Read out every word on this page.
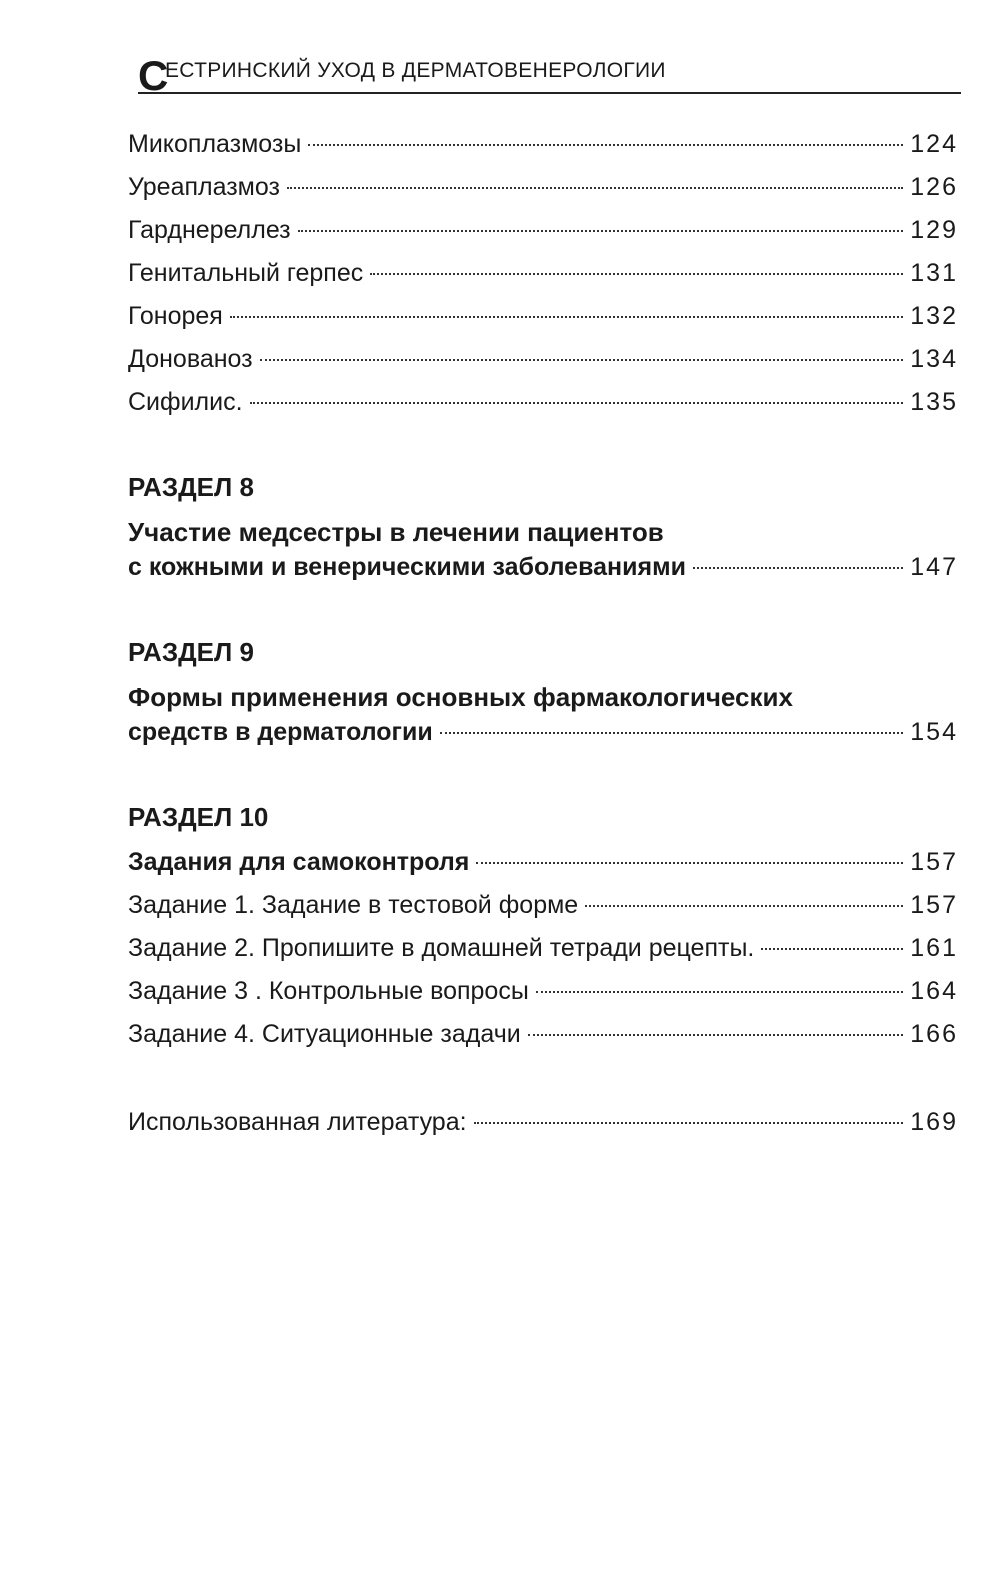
С
ЕСТРИНСКИЙ УХОД В ДЕРМАТОВЕНЕРОЛОГИИ
Микоплазмозы	124
Уреаплазмоз	126
Гарднереллез	129
Генитальный герпес	131
Гонорея	132
Донованоз	134
Сифилис.	135
РАЗДЕЛ 8
Участие медсестры в лечении пациентов
с кожными и венерическими заболеваниями	147
РАЗДЕЛ 9
Формы применения основных фармакологических
средств в дерматологии	154
РАЗДЕЛ 10
Задания для самоконтроля	157
Задание 1. Задание в тестовой форме	157
Задание 2. Пропишите в домашней тетради рецепты.	161
Задание 3 . Контрольные вопросы	164
Задание 4. Ситуационные задачи	166
Использованная литература:	169
